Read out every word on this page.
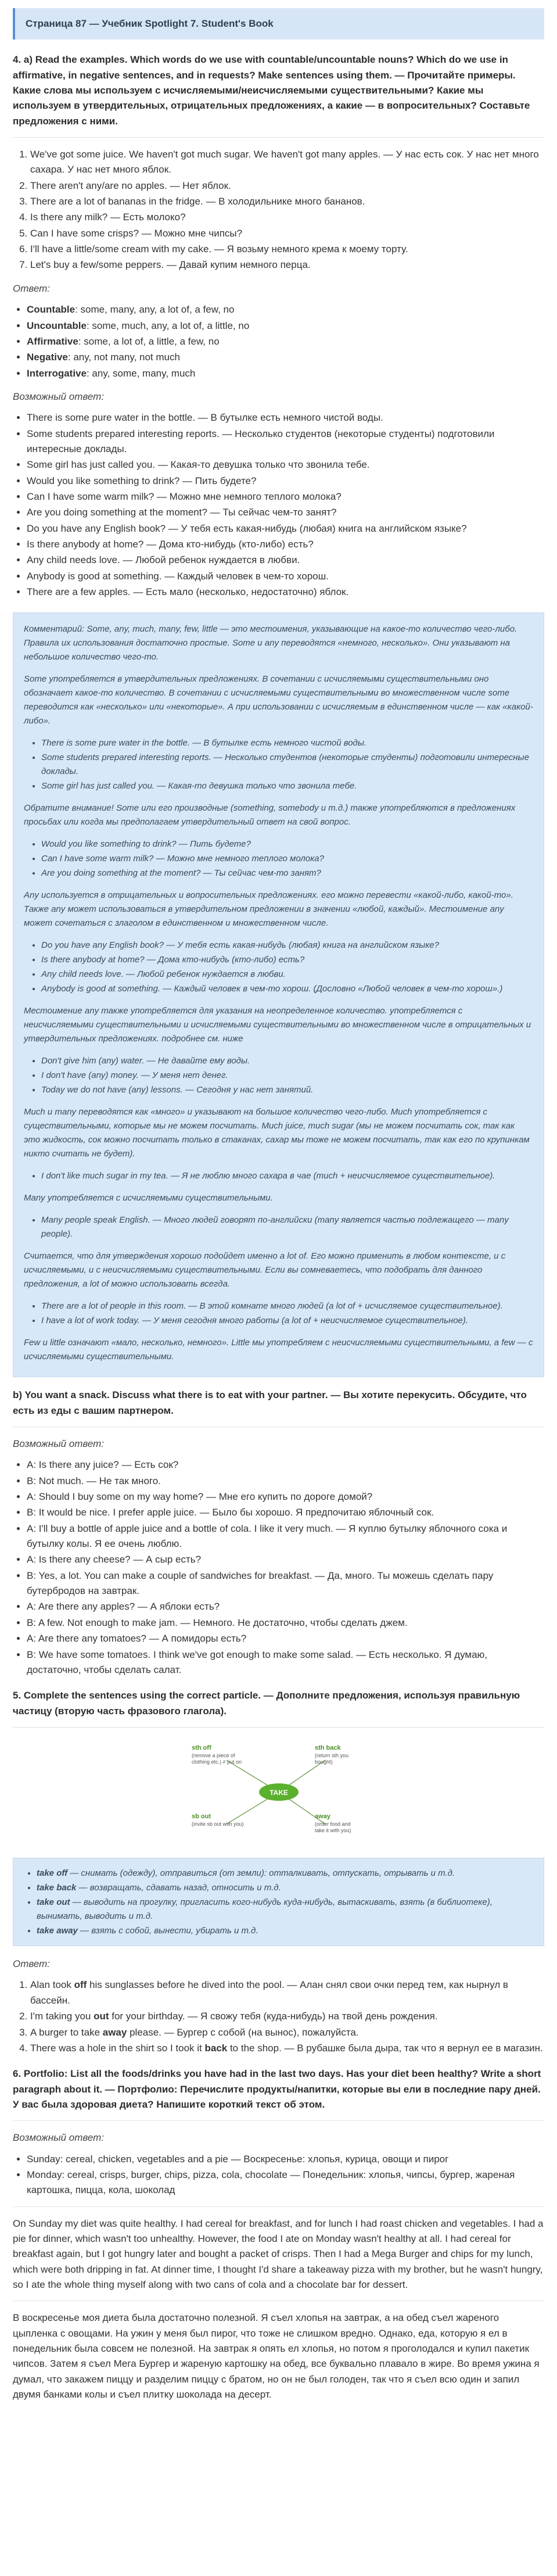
Страница 87 — Учебник Spotlight 7. Student's Book
4. a) Read the examples. Which words do we use with countable/uncountable nouns? Which do we use in affirmative, in negative sentences, and in requests? Make sentences using them. — Прочитайте примеры. Какие слова мы используем с исчисляемыми/неисчисляемыми существительными? Какие мы используем в утвердительных, отрицательных предложениях, а какие — в вопросительных? Составьте предложения с ними.
1. We've got some juice. We haven't got much sugar. We haven't got many apples. — У нас есть сок. У нас нет много сахара. У нас нет много яблок.
2. There aren't any/are no apples. — Нет яблок.
3. There are a lot of bananas in the fridge. — В холодильнике много бананов.
4. Is there any milk? — Есть молоко?
5. Can I have some crisps? — Можно мне чипсы?
6. I'll have a little/some cream with my cake. — Я возьму немного крема к моему торту.
7. Let's buy a few/some peppers. — Давай купим немного перца.
Ответ:
• Countable: some, many, any, a lot of, a few, no
• Uncountable: some, much, any, a lot of, a little, no
• Affirmative: some, a lot of, a little, a few, no
• Negative: any, not many, not much
• Interrogative: any, some, many, much
Возможный ответ:
• There is some pure water in the bottle. — В бутылке есть немного чистой воды.
• Some students prepared interesting reports. — Несколько студентов (некоторые студенты) подготовили интересные доклады.
• Some girl has just called you. — Какая-то девушка только что звонила тебе.
• Would you like something to drink? — Пить будете?
• Can I have some warm milk? — Можно мне немного теплого молока?
• Are you doing something at the moment? — Ты сейчас чем-то занят?
• Do you have any English book? — У тебя есть какая-нибудь (любая) книга на английском языке?
• Is there anybody at home? — Дома кто-нибудь (кто-либо) есть?
• Any child needs love. — Любой ребенок нуждается в любви.
• Anybody is good at something. — Каждый человек в чем-то хорош.
• There are a few apples. — Есть мало (несколько, недостаточно) яблок.

Комментарий: Some, any, much, many, few, little — это местоимения, указывающие на какое-то количество чего-либо. Правила их использования достаточно простые. Some и any переводятся «немного, несколько». Они указывают на небольшое количество чего-то.

Some употребляется в утвердительных предложениях. В сочетании с исчисляемыми существительными оно обозначает какое-то количество. В сочетании с исчисляемыми существительными во множественном числе some переводится как «несколько» или «некоторые». А при использовании с исчисляемым в единственном числе — как «какой-либо».

• There is some pure water in the bottle. — В бутылке есть немного чистой воды.
• Some students prepared interesting reports. — Несколько студентов (некоторые студенты) подготовили интересные доклады.
• Some girl has just called you. — Какая-то девушка только что звонила тебе.

Обратите внимание! Some или его производные (something, somebody и т.д.) также употребляются в предложениях просьбах или когда мы предполагаем утвердительный ответ на свой вопрос.

• Would you like something to drink? — Пить будете?
• Can I have some warm milk? — Можно мне немного теплого молока?
• Are you doing something at the moment? — Ты сейчас чем-то занят?

Any используется в отрицательных и вопросительных предложениях. его можно перевести «какой-либо, какой-то». Также any может использоваться в утвердительном предложении в значении «любой, каждый». Местоимение any может сочетаться с злаголом в единственном и множественном числе.

• Do you have any English book? — У тебя есть какая-нибудь (любая) книга на английском языке?
• Is there anybody at home? — Дома кто-нибудь (кто-либо) есть?
• Any child needs love. — Любой ребенок нуждается в любви.
• Anybody is good at something. — Каждый человек в чем-то хорош. (Дословно «Любой человек в чем-то хорош».)

Местоимение any также употребляется для указания на неопределенное количество. употребляется с неисчисляемыми существительными и исчисляемыми существительными во множественном числе в отрицательных и утвердительных предложениях. подробнее см. ниже

• Don't give him (any) water. — Не давайте ему воды.
• I don't have (any) money. — У меня нет денег.
• Today we do not have (any) lessons. — Сегодня у нас нет занятий.

Much и many переводятся как «много» и указывают на большое количество чего-либо. Much употребляется с существительными, которые мы не можем посчитать. Much juice, much sugar (мы не можем посчитать сок, так как это жидкость, сок можно посчитать только в стаканах, сахар мы тоже не можем посчитать, так как его по крупинкам никто считать не будет).

• I don't like much sugar in my tea. — Я не люблю много сахара в чае (much + неисчисляемое существительное).

Many употребляется с исчисляемыми существительными.

• Many people speak English. — Много людей говорят по-английски (many является частью подлежащего — many people).

Считается, что для утверждения хорошо подойдет именно a lot of. Его можно применить в любом контексте, и с исчисляемыми, и с неисчисляемыми существительными. Если вы сомневаетесь, что подобрать для данного предложения, a lot of можно использовать всегда.

• There are a lot of people in this room. — В этой комнате много людей (a lot of + исчисляемое существительное).
• I have a lot of work today. — У меня сегодня много работы (a lot of + неисчисляемое существительное).

Few и little означают «мало, несколько, немного». Little мы употребляем с неисчисляемыми существительными, a few — с исчисляемыми существительными.

b) You want a snack. Discuss what there is to eat with your partner. — Вы хотите перекусить. Обсудите, что есть из еды с вашим партнером.
Возможный ответ:
• A: Is there any juice? — Есть сок?
• B: Not much. — Не так много.
• A: Should I buy some on my way home? — Мне его купить по дороге домой?
• B: It would be nice. I prefer apple juice. — Было бы хорошо. Я предпочитаю яблочный сок.
• A: I'll buy a bottle of apple juice and a bottle of cola. I like it very much. — Я куплю бутылку яблочного сока и бутылку колы. Я ее очень люблю.
• A: Is there any cheese? — А сыр есть?
• B: Yes, a lot. You can make a couple of sandwiches for breakfast. — Да, много. Ты можешь сделать пару бутербродов на завтрак.
• A: Are there any apples? — А яблоки есть?
• B: A few. Not enough to make jam. — Немного. Не достаточно, чтобы сделать джем.
• A: Are there any tomatoes? — А помидоры есть?
• B: We have some tomatoes. I think we've got enough to make some salad. — Есть несколько. Я думаю, достаточно, чтобы сделать салат.
5. Complete the sentences using the correct particle. — Дополните предложения, используя правильную частицу (вторую часть фразового глагола).
TAKE
sth off
(remove a piece of
clothing etc.) ≠ put on
sth back
(return sth you
bought)
sb out
(invite sb out with you)
away
(order food and
take it with you)
• take off — снимать (одежду), отправиться (от земли): отталкивать, отпускать, отрывать и т.д.
• take back — возвращать, сдавать назад, относить и т.д.
• take out — выводить на прогулку, пригласить кого-нибудь куда-нибудь, вытаскивать, взять (в библиотеке), вынимать, выводить и т.д.
• take away — взять с собой, вынести, убирать и т.д.
Ответ:
1. Alan took off his sunglasses before he dived into the pool. — Алан снял свои очки перед тем, как нырнул в бассейн.
2. I'm taking you out for your birthday. — Я свожу тебя (куда-нибудь) на твой день рождения.
3. A burger to take away please. — Бургер с собой (на вынос), пожалуйста.
4. There was a hole in the shirt so I took it back to the shop. — В рубашке была дыра, так что я вернул ее в магазин.
6. Portfolio: List all the foods/drinks you have had in the last two days. Has your diet been healthy? Write a short paragraph about it. — Портфолио: Перечислите продукты/напитки, которые вы ели в последние пару дней. У вас была здоровая диета? Напишите короткий текст об этом.
Возможный ответ:
• Sunday: cereal, chicken, vegetables and a pie — Воскресенье: хлопья, курица, овощи и пирог
• Monday: cereal, crisps, burger, chips, pizza, cola, chocolate — Понедельник: хлопья, чипсы, бургер, жареная картошка, пицца, кола, шоколад

On Sunday my diet was quite healthy. I had cereal for breakfast, and for lunch I had roast chicken and vegetables. I had a pie for dinner, which wasn't too unhealthy. However, the food I ate on Monday wasn't healthy at all. I had cereal for breakfast again, but I got hungry later and bought a packet of crisps. Then I had a Mega Burger and chips for my lunch, which were both dripping in fat. At dinner time, I thought I'd share a takeaway pizza with my brother, but he wasn't hungry, so I ate the whole thing myself along with two cans of cola and a chocolate bar for dessert.

В воскресенье моя диета была достаточно полезной. Я съел хлопья на завтрак, а на обед съел жареного цыпленка с овощами. На ужин у меня был пирог, что тоже не слишком вредно. Однако, еда, которую я ел в понедельник была совсем не полезной. На завтрак я опять ел хлопья, но потом я проголодался и купил пакетик чипсов. Затем я съел Мега Бургер и жареную картошку на обед, все буквально плавало в жире. Во время ужина я думал, что закажем пиццу и разделим пиццу с братом, но он не был голоден, так что я съел всю один и запил двумя банками колы и съел плитку шоколада на десерт.
